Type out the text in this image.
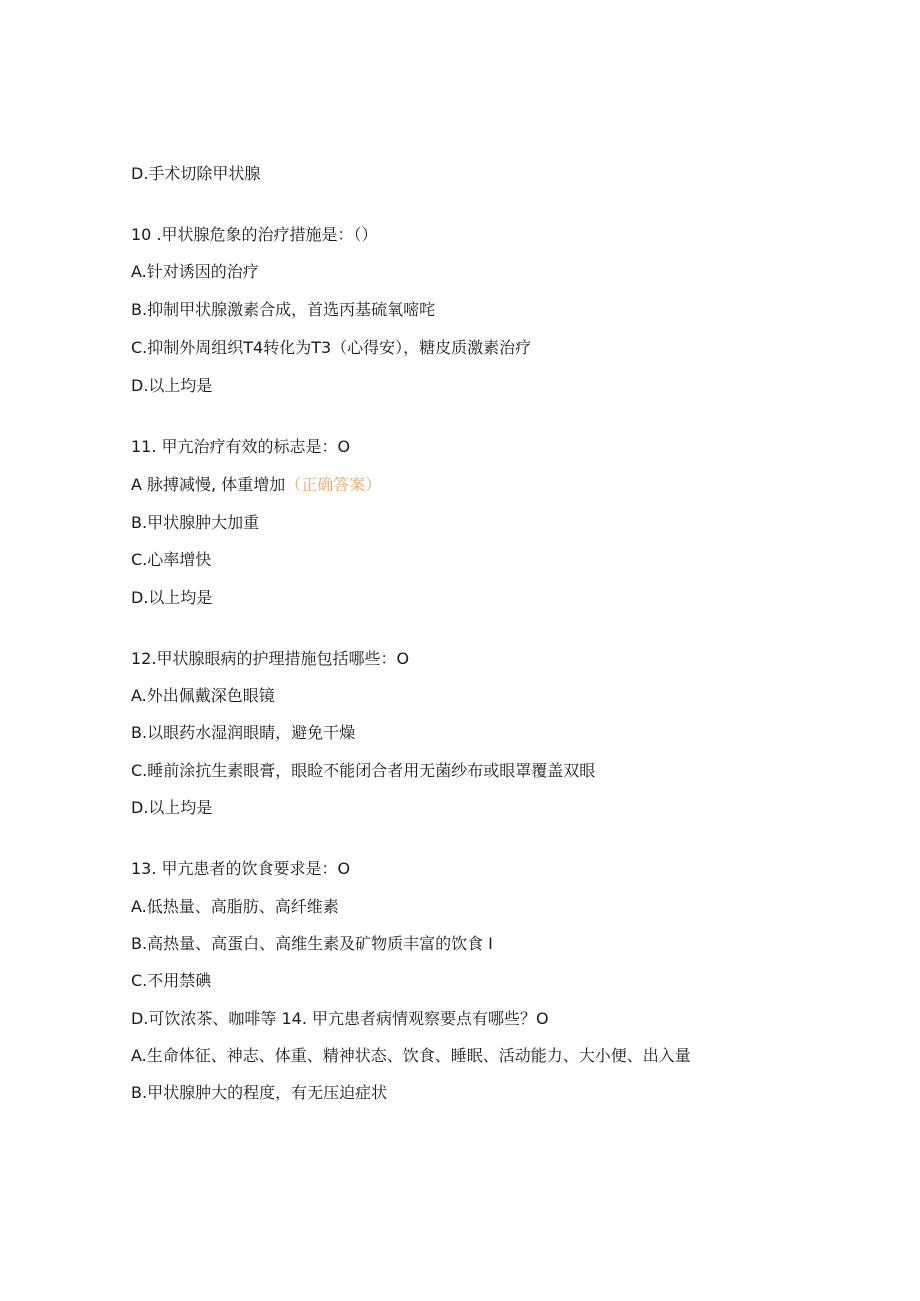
D.手术切除甲状腺
10 .甲状腺危象的治疗措施是：（）
A.针对诱因的治疗
B.抑制甲状腺激素合成，首选丙基硫氧嘧咤
C.抑制外周组织T4转化为T3（心得安），糖皮质激素治疗
D.以上均是
11. 甲亢治疗有效的标志是：O
A 脉搏减慢, 体重增加（正确答案）
B.甲状腺肿大加重
C.心率增快
D.以上均是
12.甲状腺眼病的护理措施包括哪些：O
A.外出佩戴深色眼镜
B.以眼药水湿润眼睛，避免干燥
C.睡前涂抗生素眼膏，眼睑不能闭合者用无菌纱布或眼罩覆盖双眼
D.以上均是
13. 甲亢患者的饮食要求是：O
A.低热量、高脂肪、高纤维素
B.高热量、高蛋白、高维生素及矿物质丰富的饮食 I
C.不用禁碘
D.可饮浓茶、咖啡等 14. 甲亢患者病情观察要点有哪些？O
A.生命体征、神志、体重、精神状态、饮食、睡眠、活动能力、大小便、出入量
B.甲状腺肿大的程度，有无压迫症状
